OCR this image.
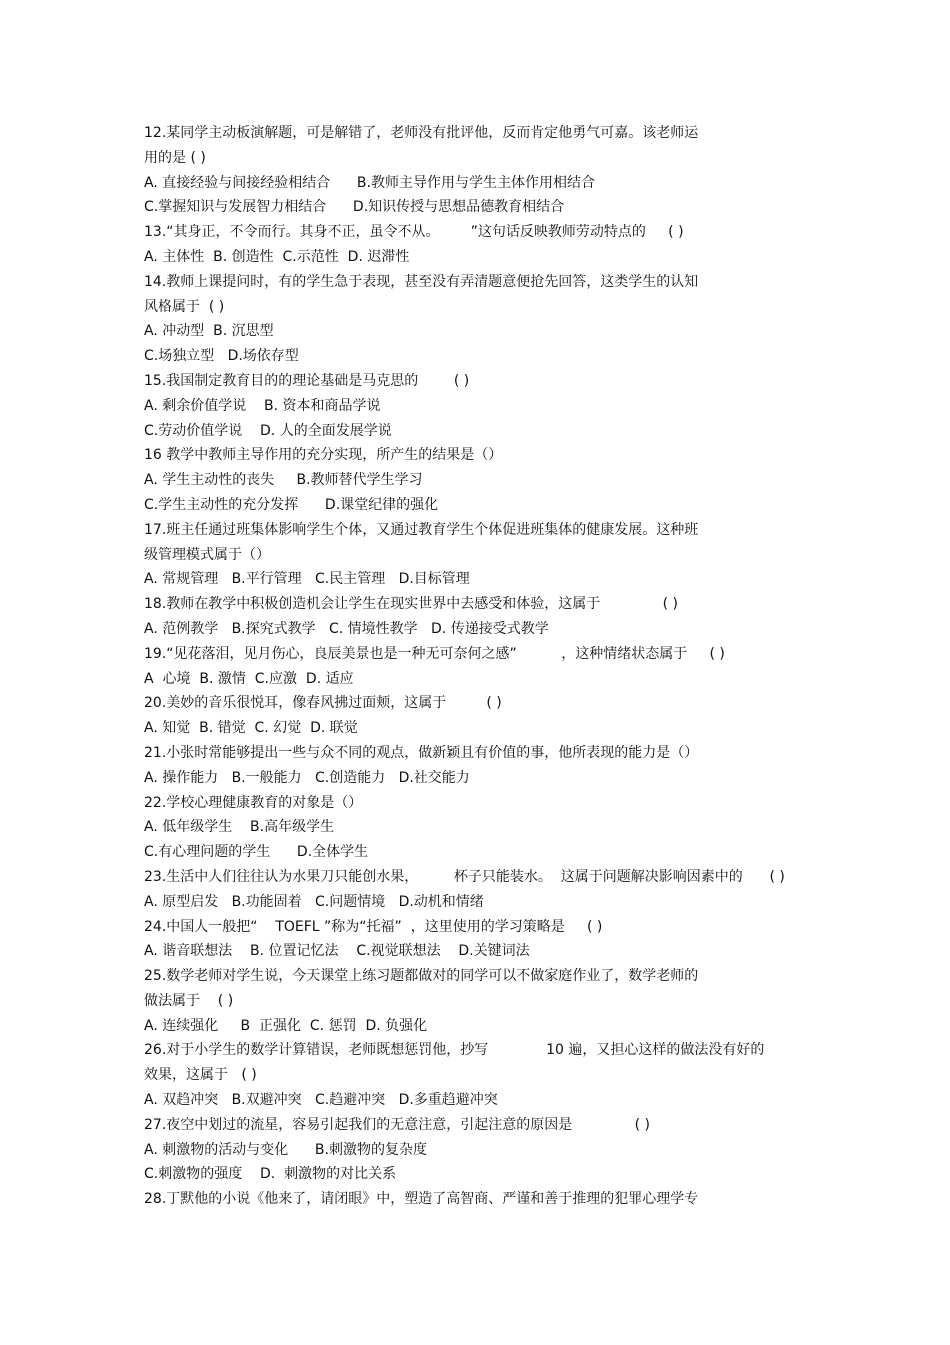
12.某同学主动板演解题，可是解错了，老师没有批评他，反而肯定他勇气可嘉。该老师运
用的是 ( )
A. 直接经验与间接经验相结合      B.教师主导作用与学生主体作用相结合
C.掌握知识与发展智力相结合      D.知识传授与思想品德教育相结合
13.“其身正，不令而行。其身不正，虽令不从。       ”这句话反映教师劳动特点的     ( )
A. 主体性  B. 创造性  C.示范性  D. 迟滞性
14.教师上课提问时，有的学生急于表现，甚至没有弄清题意便抢先回答，这类学生的认知
风格属于  ( )
A. 冲动型  B. 沉思型
C.场独立型   D.场依存型
15.我国制定教育目的的理论基础是马克思的        ( )
A. 剩余价值学说    B. 资本和商品学说
C.劳动价值学说    D. 人的全面发展学说
16 教学中教师主导作用的充分实现，所产生的结果是（）
A. 学生主动性的丧失     B.教师替代学生学习
C.学生主动性的充分发挥      D.课堂纪律的强化
17.班主任通过班集体影响学生个体，又通过教育学生个体促进班集体的健康发展。这种班
级管理模式属于（）
A. 常规管理   B.平行管理   C.民主管理   D.目标管理
18.教师在教学中积极创造机会让学生在现实世界中去感受和体验，这属于              ( )
A. 范例教学   B.探究式教学   C. 情境性教学   D. 传递接受式教学
19.“见花落泪，见月伤心，良辰美景也是一种无可奈何之感”          ，这种情绪状态属于     ( )
A  心境  B. 激情  C.应激  D. 适应
20.美妙的音乐很悦耳，像春风拂过面颊，这属于         ( )
A. 知觉  B. 错觉  C. 幻觉  D. 联觉
21.小张时常能够提出一些与众不同的观点，做新颖且有价值的事，他所表现的能力是（）
A. 操作能力   B.一般能力   C.创造能力   D.社交能力
22.学校心理健康教育的对象是（）
A. 低年级学生    B.高年级学生
C.有心理问题的学生      D.全体学生
23.生活中人们往往认为水果刀只能创水果，        杯子只能装水。  这属于问题解决影响因素中的      ( )
A. 原型启发   B.功能固着   C.问题情境   D.动机和情绪
24.中国人一般把“    TOEFL ”称为“托福”  ，这里使用的学习策略是     ( )
A. 谐音联想法    B. 位置记忆法    C.视觉联想法    D.关键词法
25.数学老师对学生说，今天课堂上练习题都做对的同学可以不做家庭作业了，数学老师的
做法属于    ( )
A. 连续强化     B  正强化  C. 惩罚  D. 负强化
26.对于小学生的数学计算错误，老师既想惩罚他，抄写             10 遍，又担心这样的做法没有好的
效果，这属于   ( )
A. 双趋冲突   B.双避冲突   C.趋避冲突   D.多重趋避冲突
27.夜空中划过的流星，容易引起我们的无意注意，引起注意的原因是              ( )
A. 刺激物的活动与变化      B.刺激物的复杂度
C.刺激物的强度    D.  刺激物的对比关系
28.丁默他的小说《他来了，请闭眼》中，塑造了高智商、严谨和善于推理的犯罪心理学专
